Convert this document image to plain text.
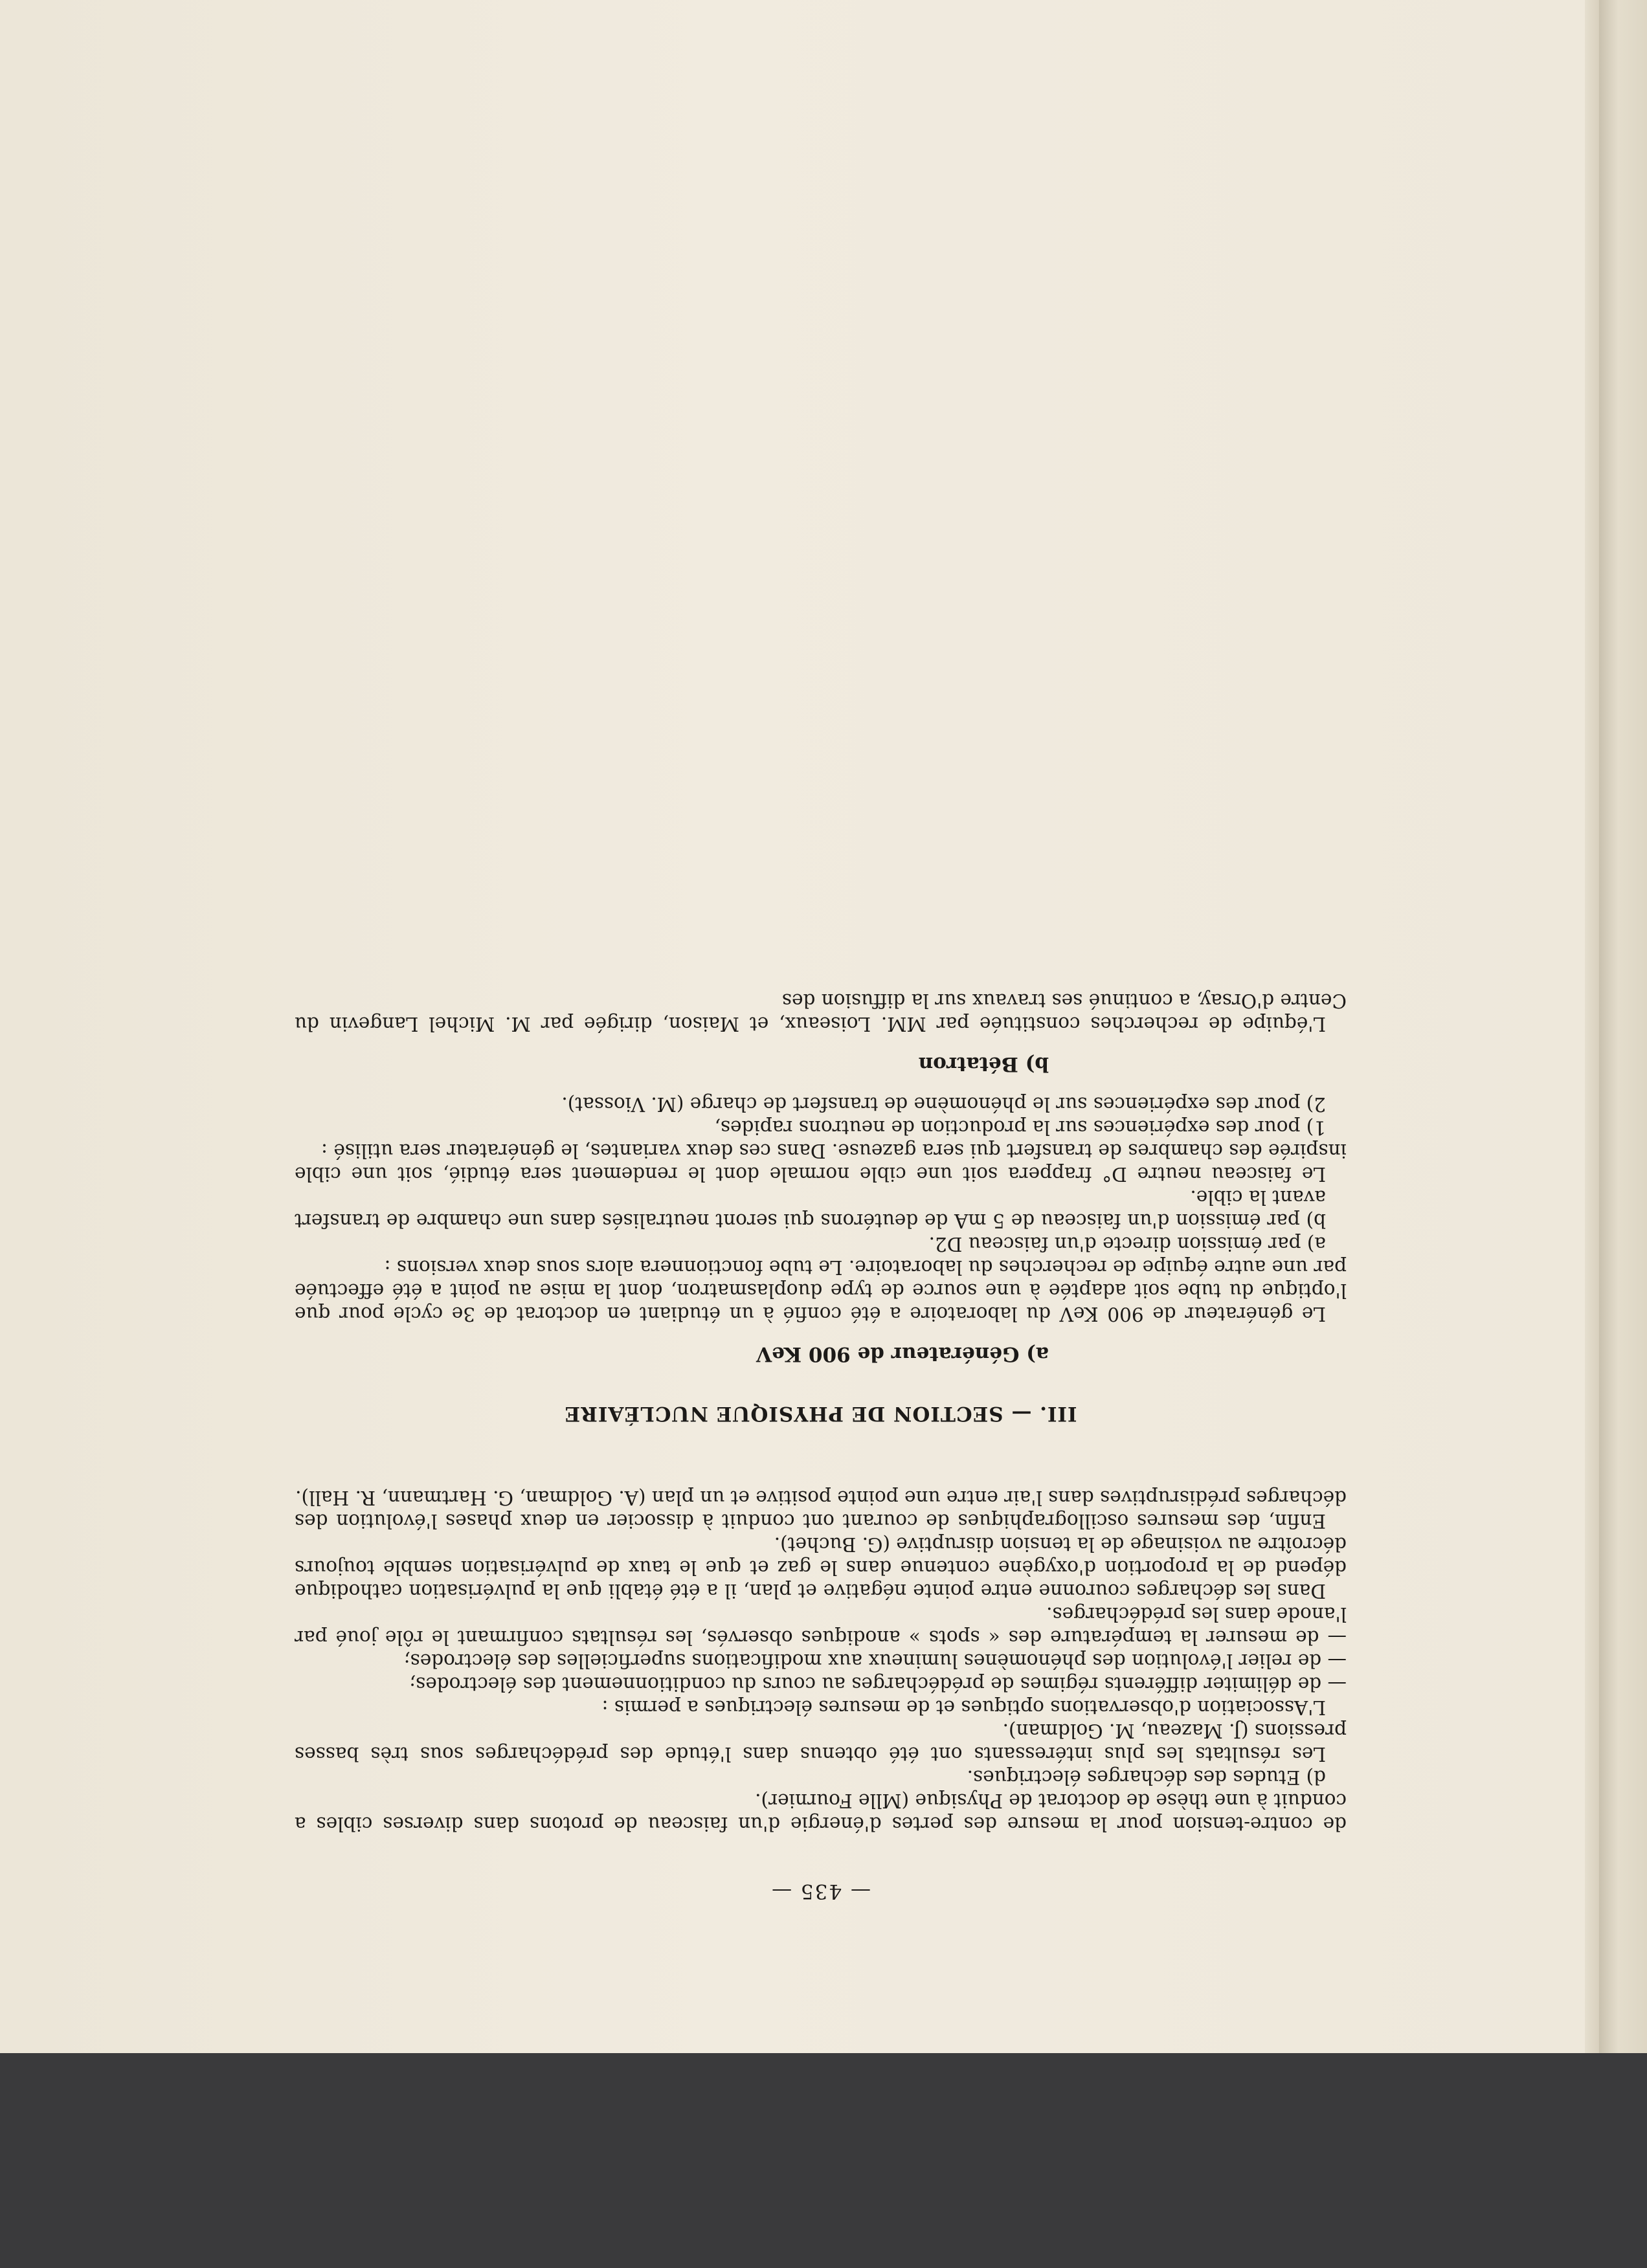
— 435 —

de contre-tension pour la mesure des pertes d'énergie d'un faisceau de protons dans diverses cibles a conduit à une thèse de doctorat de Physique (Mlle Fournier).

d) Etudes des décharges électriques.

Les résultats les plus intéressants ont été obtenus dans l'étude des prédécharges sous très basses pressions (J. Mazeau, M. Goldman).

L'Association d'observations optiques et de mesures électriques a permis :

— de délimiter différents régimes de prédécharges au cours du conditionnement des électrodes;

— de relier l'évolution des phénomènes lumineux aux modifications superficielles des électrodes;

— de mesurer la température des « spots » anodiques observés, les résultats confirmant le rôle joué par l'anode dans les prédécharges.

Dans les décharges couronne entre pointe négative et plan, il a été établi que la pulvérisation cathodique dépend de la proportion d'oxygène contenue dans le gaz et que le taux de pulvérisation semble toujours décroître au voisinage de la tension disruptive (G. Buchet).

Enfin, des mesures oscillographiques de courant ont conduit à dissocier en deux phases l'évolution des décharges prédisruptives dans l'air entre une pointe positive et un plan (A. Goldman, G. Hartmann, R. Hall).

III. — SECTION DE PHYSIQUE NUCLÉAIRE

a) Générateur de 900 KeV

Le générateur de 900 KeV du laboratoire a été confié à un étudiant en doctorat de 3e cycle pour que l'optique du tube soit adaptée à une source de type duoplasmatron, dont la mise au point a été effectuée par une autre équipe de recherches du laboratoire. Le tube fonctionnera alors sous deux versions :

a) par émission directe d'un faisceau D2.

b) par émission d'un faisceau de 5 mA de deutérons qui seront neutralisés dans une chambre de transfert avant la cible.

Le faisceau neutre D° frappera soit une cible normale dont le rendement sera étudié, soit une cible inspirée des chambres de transfert qui sera gazeuse. Dans ces deux variantes, le générateur sera utilisé :

1) pour des expériences sur la production de neutrons rapides,

2) pour des expériences sur le phénomène de transfert de charge (M. Viossat).

b) Bétatron

L'équipe de recherches constituée par MM. Loiseaux, et Maison, dirigée par M. Michel Langevin du Centre d'Orsay, a continué ses travaux sur la diffusion des
